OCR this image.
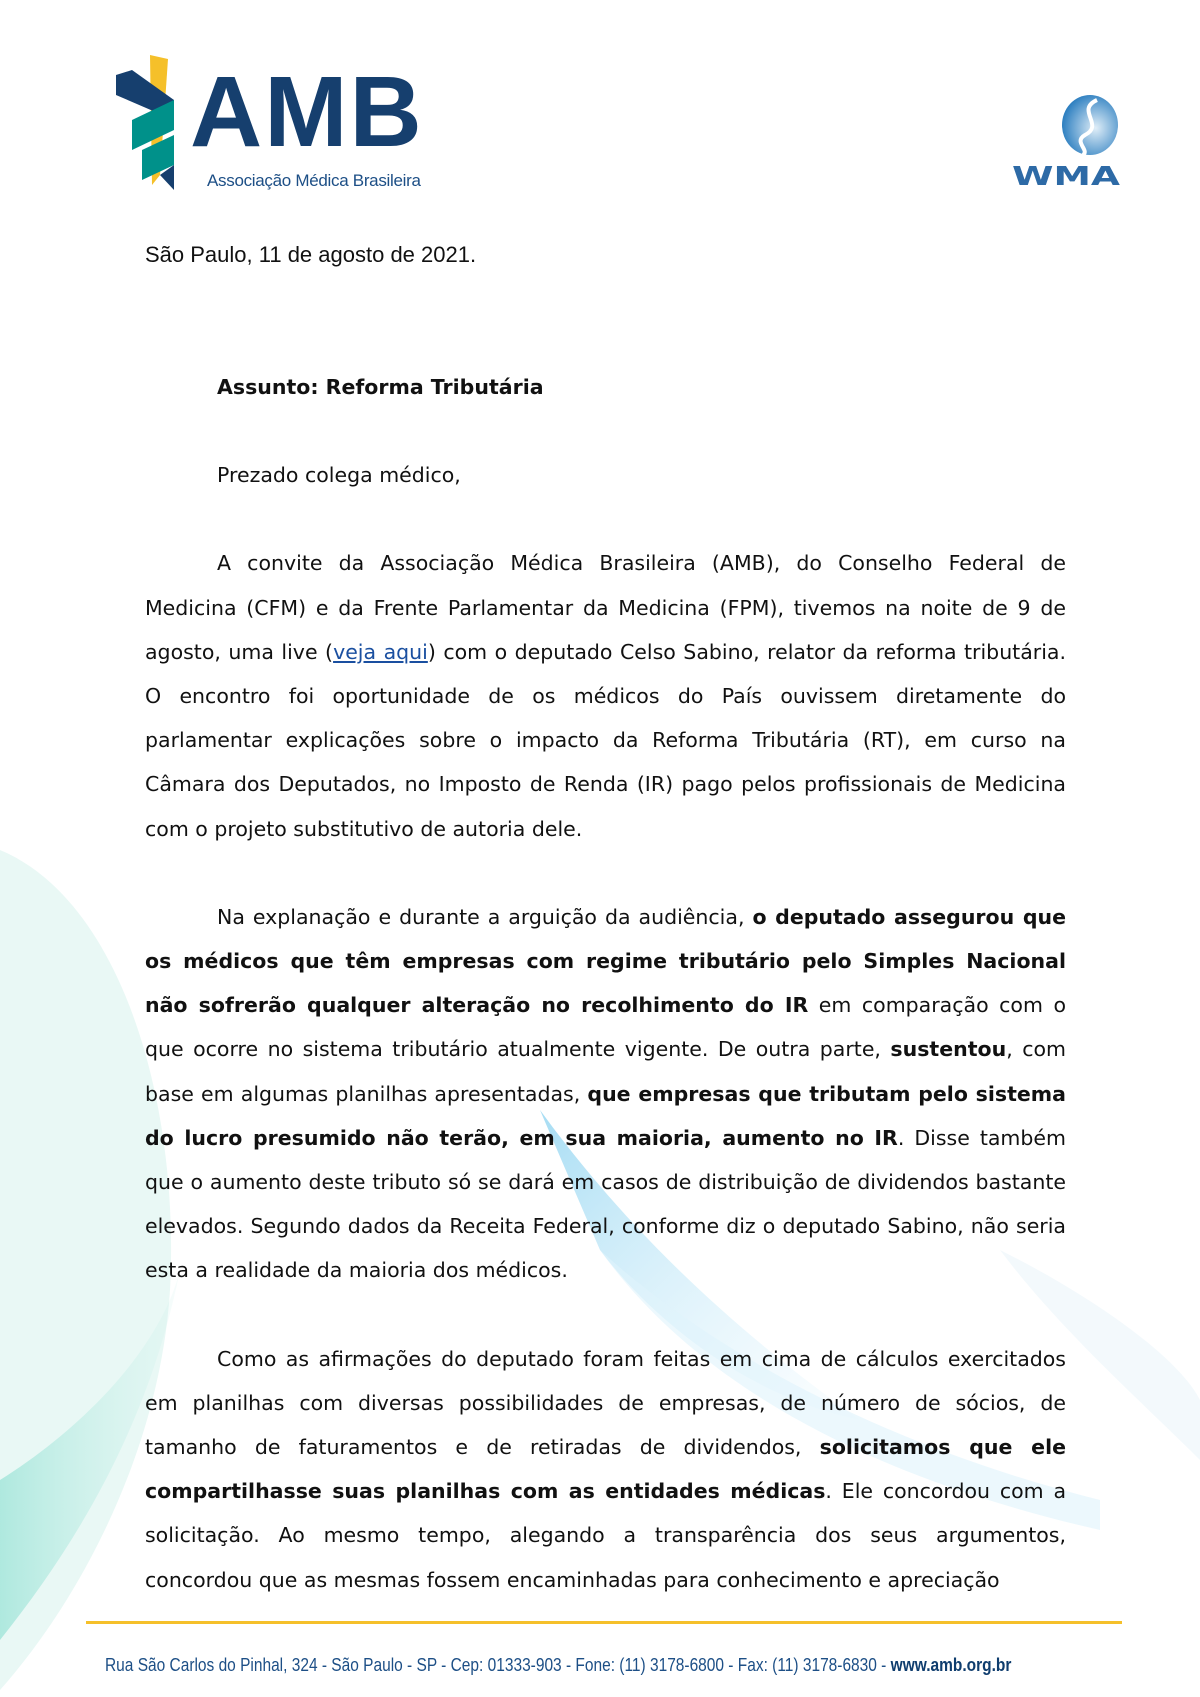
AMB
Associação Médica Brasileira	WMA
São Paulo, 11 de agosto de 2021.
Assunto: Reforma Tributária
Prezado colega médico,

A convite da Associação Médica Brasileira (AMB), do Conselho Federal de Medicina (CFM) e da Frente Parlamentar da Medicina (FPM), tivemos na noite de 9 de agosto, uma live (veja aqui) com o deputado Celso Sabino, relator da reforma tributária. O encontro foi oportunidade de os médicos do País ouvissem diretamente do parlamentar explicações sobre o impacto da Reforma Tributária (RT), em curso na Câmara dos Deputados, no Imposto de Renda (IR) pago pelos profissionais de Medicina com o projeto substitutivo de autoria dele.

Na explanação e durante a arguição da audiência, o deputado assegurou que os médicos que têm empresas com regime tributário pelo Simples Nacional não sofrerão qualquer alteração no recolhimento do IR em comparação com o que ocorre no sistema tributário atualmente vigente. De outra parte, sustentou, com base em algumas planilhas apresentadas, que empresas que tributam pelo sistema do lucro presumido não terão, em sua maioria, aumento no IR. Disse também que o aumento deste tributo só se dará em casos de distribuição de dividendos bastante elevados. Segundo dados da Receita Federal, conforme diz o deputado Sabino, não seria esta a realidade da maioria dos médicos.

Como as afirmações do deputado foram feitas em cima de cálculos exercitados em planilhas com diversas possibilidades de empresas, de número de sócios, de tamanho de faturamentos e de retiradas de dividendos, solicitamos que ele compartilhasse suas planilhas com as entidades médicas. Ele concordou com a solicitação. Ao mesmo tempo, alegando a transparência dos seus argumentos, concordou que as mesmas fossem encaminhadas para conhecimento e apreciação

Rua São Carlos do Pinhal, 324 - São Paulo - SP - Cep: 01333-903 - Fone: (11) 3178-6800 - Fax: (11) 3178-6830 - www.amb.org.br
